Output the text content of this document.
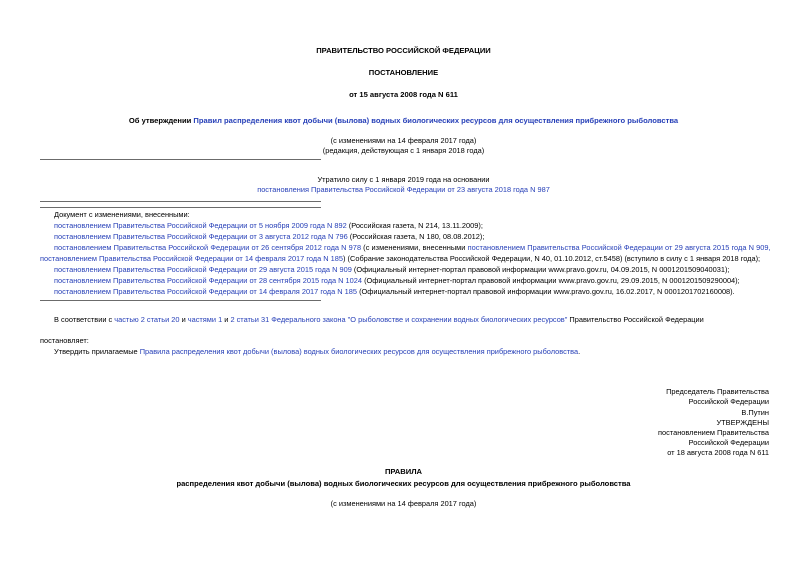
ПРАВИТЕЛЬСТВО РОССИЙСКОЙ ФЕДЕРАЦИИ
ПОСТАНОВЛЕНИЕ
от 15 августа 2008 года N 611
Об утверждении Правил распределения квот добычи (вылова) водных биологических ресурсов для осуществления прибрежного рыболовства
(с изменениями на 14 февраля 2017 года)
(редакция, действующая с 1 января 2018 года)
Утратило силу с 1 января 2019 года на основании
постановления Правительства Российской Федерации от 23 августа 2018 года N 987
Документ с изменениями, внесенными:
постановлением Правительства Российской Федерации от 5 ноября 2009 года N 892 (Российская газета, N 214, 13.11.2009);
постановлением Правительства Российской Федерации от 3 августа 2012 года N 796 (Российская газета, N 180, 08.08.2012);
постановлением Правительства Российской Федерации от 26 сентября 2012 года N 978 (с изменениями, внесенными постановлением Правительства Российской Федерации от 29 августа 2015 года N 909,
постановлением Правительства Российской Федерации от 14 февраля 2017 года N 185) (Собрание законодательства Российской Федерации, N 40, 01.10.2012, ст.5458) (вступило в силу с 1 января 2018 года);
постановлением Правительства Российской Федерации от 29 августа 2015 года N 909 (Официальный интернет-портал правовой информации www.pravo.gov.ru, 04.09.2015, N 0001201509040031);
постановлением Правительства Российской Федерации от 28 сентября 2015 года N 1024 (Официальный интернет-портал правовой информации www.pravo.gov.ru, 29.09.2015, N 0001201509290004);
постановлением Правительства Российской Федерации от 14 февраля 2017 года N 185 (Официальный интернет-портал правовой информации www.pravo.gov.ru, 16.02.2017, N 0001201702160008).
В соответствии с частью 2 статьи 20 и частями 1 и 2 статьи 31 Федерального закона "О рыболовстве и сохранении водных биологических ресурсов" Правительство Российской Федерации
постановляет:
Утвердить прилагаемые Правила распределения квот добычи (вылова) водных биологических ресурсов для осуществления прибрежного рыболовства.
Председатель Правительства
Российской Федерации
В.Путин
УТВЕРЖДЕНЫ
постановлением Правительства
Российской Федерации
от 18 августа 2008 года N 611
ПРАВИЛА
распределения квот добычи (вылова) водных биологических ресурсов для осуществления прибрежного рыболовства
(с изменениями на 14 февраля 2017 года)
